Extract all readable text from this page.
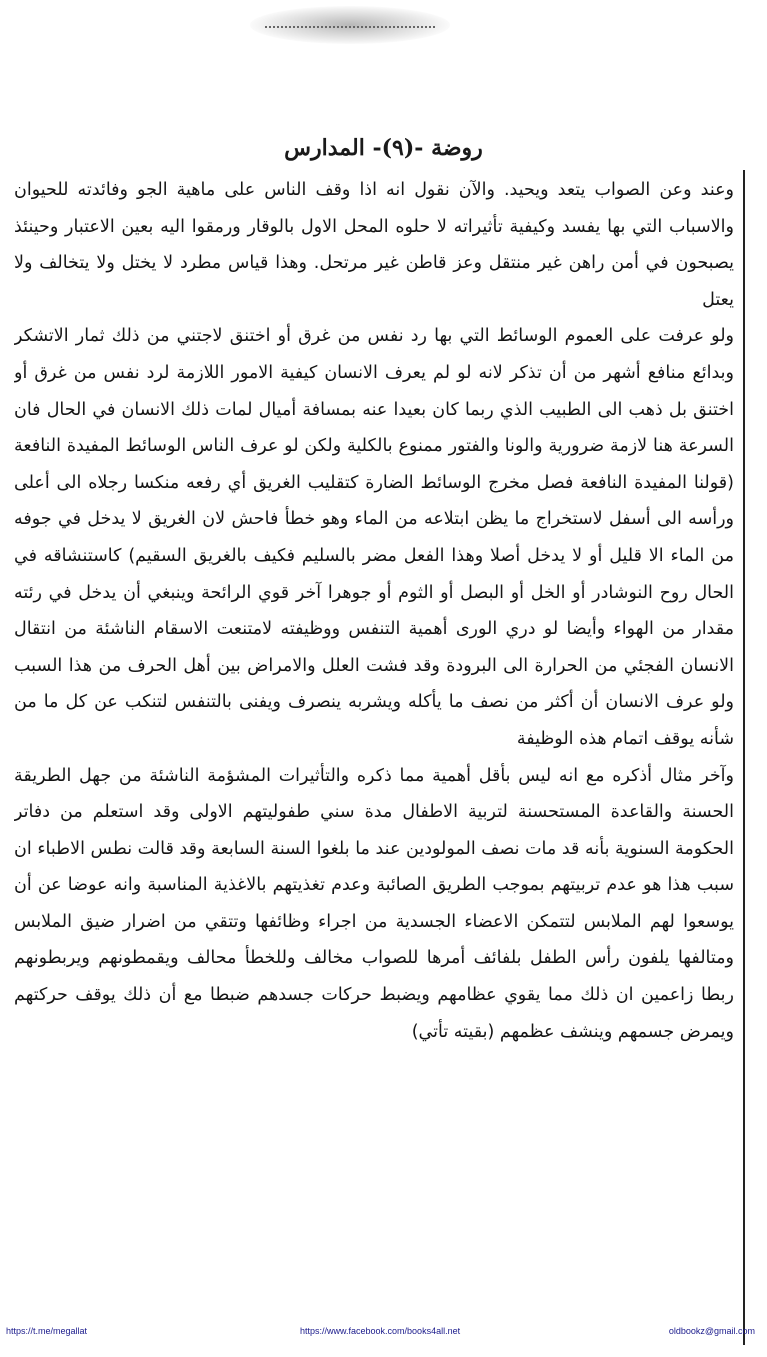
روضة -(٩)- المدارس

وعند وعن الصواب يتعد ويحيد. والآن نقول انه اذا وقف الناس على ماهية الجو وفائدته للحيوان والاسباب التي بها يفسد وكيفية تأثيراته لا حلوه المحل الاول بالوقار ورمقوا اليه بعين الاعتبار وحينئذ يصبحون في أمن راهن غير منتقل وعز قاطن غير مرتحل. وهذا قياس مطرد لا يختل ولا يتخالف ولا يعتل

ولو عرفت على العموم الوسائط التي بها رد نفس من غرق أو اختنق لاجتني من ذلك ثمار الاتشكر وبدائع منافع أشهر من أن تذكر لانه لو لم يعرف الانسان كيفية الامور اللازمة لرد نفس من غرق أو اختنق بل ذهب الى الطبيب الذي ربما كان بعيدا عنه بمسافة أميال لمات ذلك الانسان في الحال فان السرعة هنا لازمة ضرورية والونا والفتور ممنوع بالكلية ولكن لو عرف الناس الوسائط المفيدة النافعة (قولنا المفيدة النافعة فصل مخرج الوسائط الضارة كتقليب الغريق أي رفعه منكسا رجلاه الى أعلى ورأسه الى أسفل لاستخراج ما يظن ابتلاعه من الماء وهو خطأ فاحش لان الغريق لا يدخل في جوفه من الماء الا قليل أو لا يدخل أصلا وهذا الفعل مضر بالسليم فكيف بالغريق السقيم) كاستنشاقه في الحال روح النوشادر أو الخل أو البصل أو الثوم أو جوهرا آخر قوي الرائحة وينبغي أن يدخل في رئته مقدار من الهواء وأيضا لو دري الورى أهمية التنفس ووظيفته لامتنعت الاسقام الناشئة من انتقال الانسان الفجئي من الحرارة الى البرودة وقد فشت العلل والامراض بين أهل الحرف من هذا السبب ولو عرف الانسان أن أكثر من نصف ما يأكله ويشربه ينصرف ويفنى بالتنفس لتنكب عن كل ما من شأنه يوقف اتمام هذه الوظيفة

وآخر مثال أذكره مع انه ليس بأقل أهمية مما ذكره والتأثيرات المشؤمة الناشئة من جهل الطريقة الحسنة والقاعدة المستحسنة لتربية الاطفال مدة سني طفوليتهم الاولى وقد استعلم من دفاتر الحكومة السنوية بأنه قد مات نصف المولودين عند ما بلغوا السنة السابعة وقد قالت نطس الاطباء ان سبب هذا هو عدم تربيتهم بموجب الطريق الصائبة وعدم تغذيتهم بالاغذية المناسبة وانه عوضا عن أن يوسعوا لهم الملابس لتتمكن الاعضاء الجسدية من اجراء وظائفها وتتقي من اضرار ضيق الملابس ومتالفها يلفون رأس الطفل بلفائف أمرها للصواب مخالف وللخطأ محالف ويقمطونهم ويربطونهم ربطا زاعمين ان ذلك مما يقوي عظامهم ويضبط حركات جسدهم ضبطا مع أن ذلك يوقف حركتهم ويمرض جسمهم وينشف عظمهم (بقيته تأتي)

https://t.me/megallat	https://www.facebook.com/books4all.net	oldbookz@gmail.com
